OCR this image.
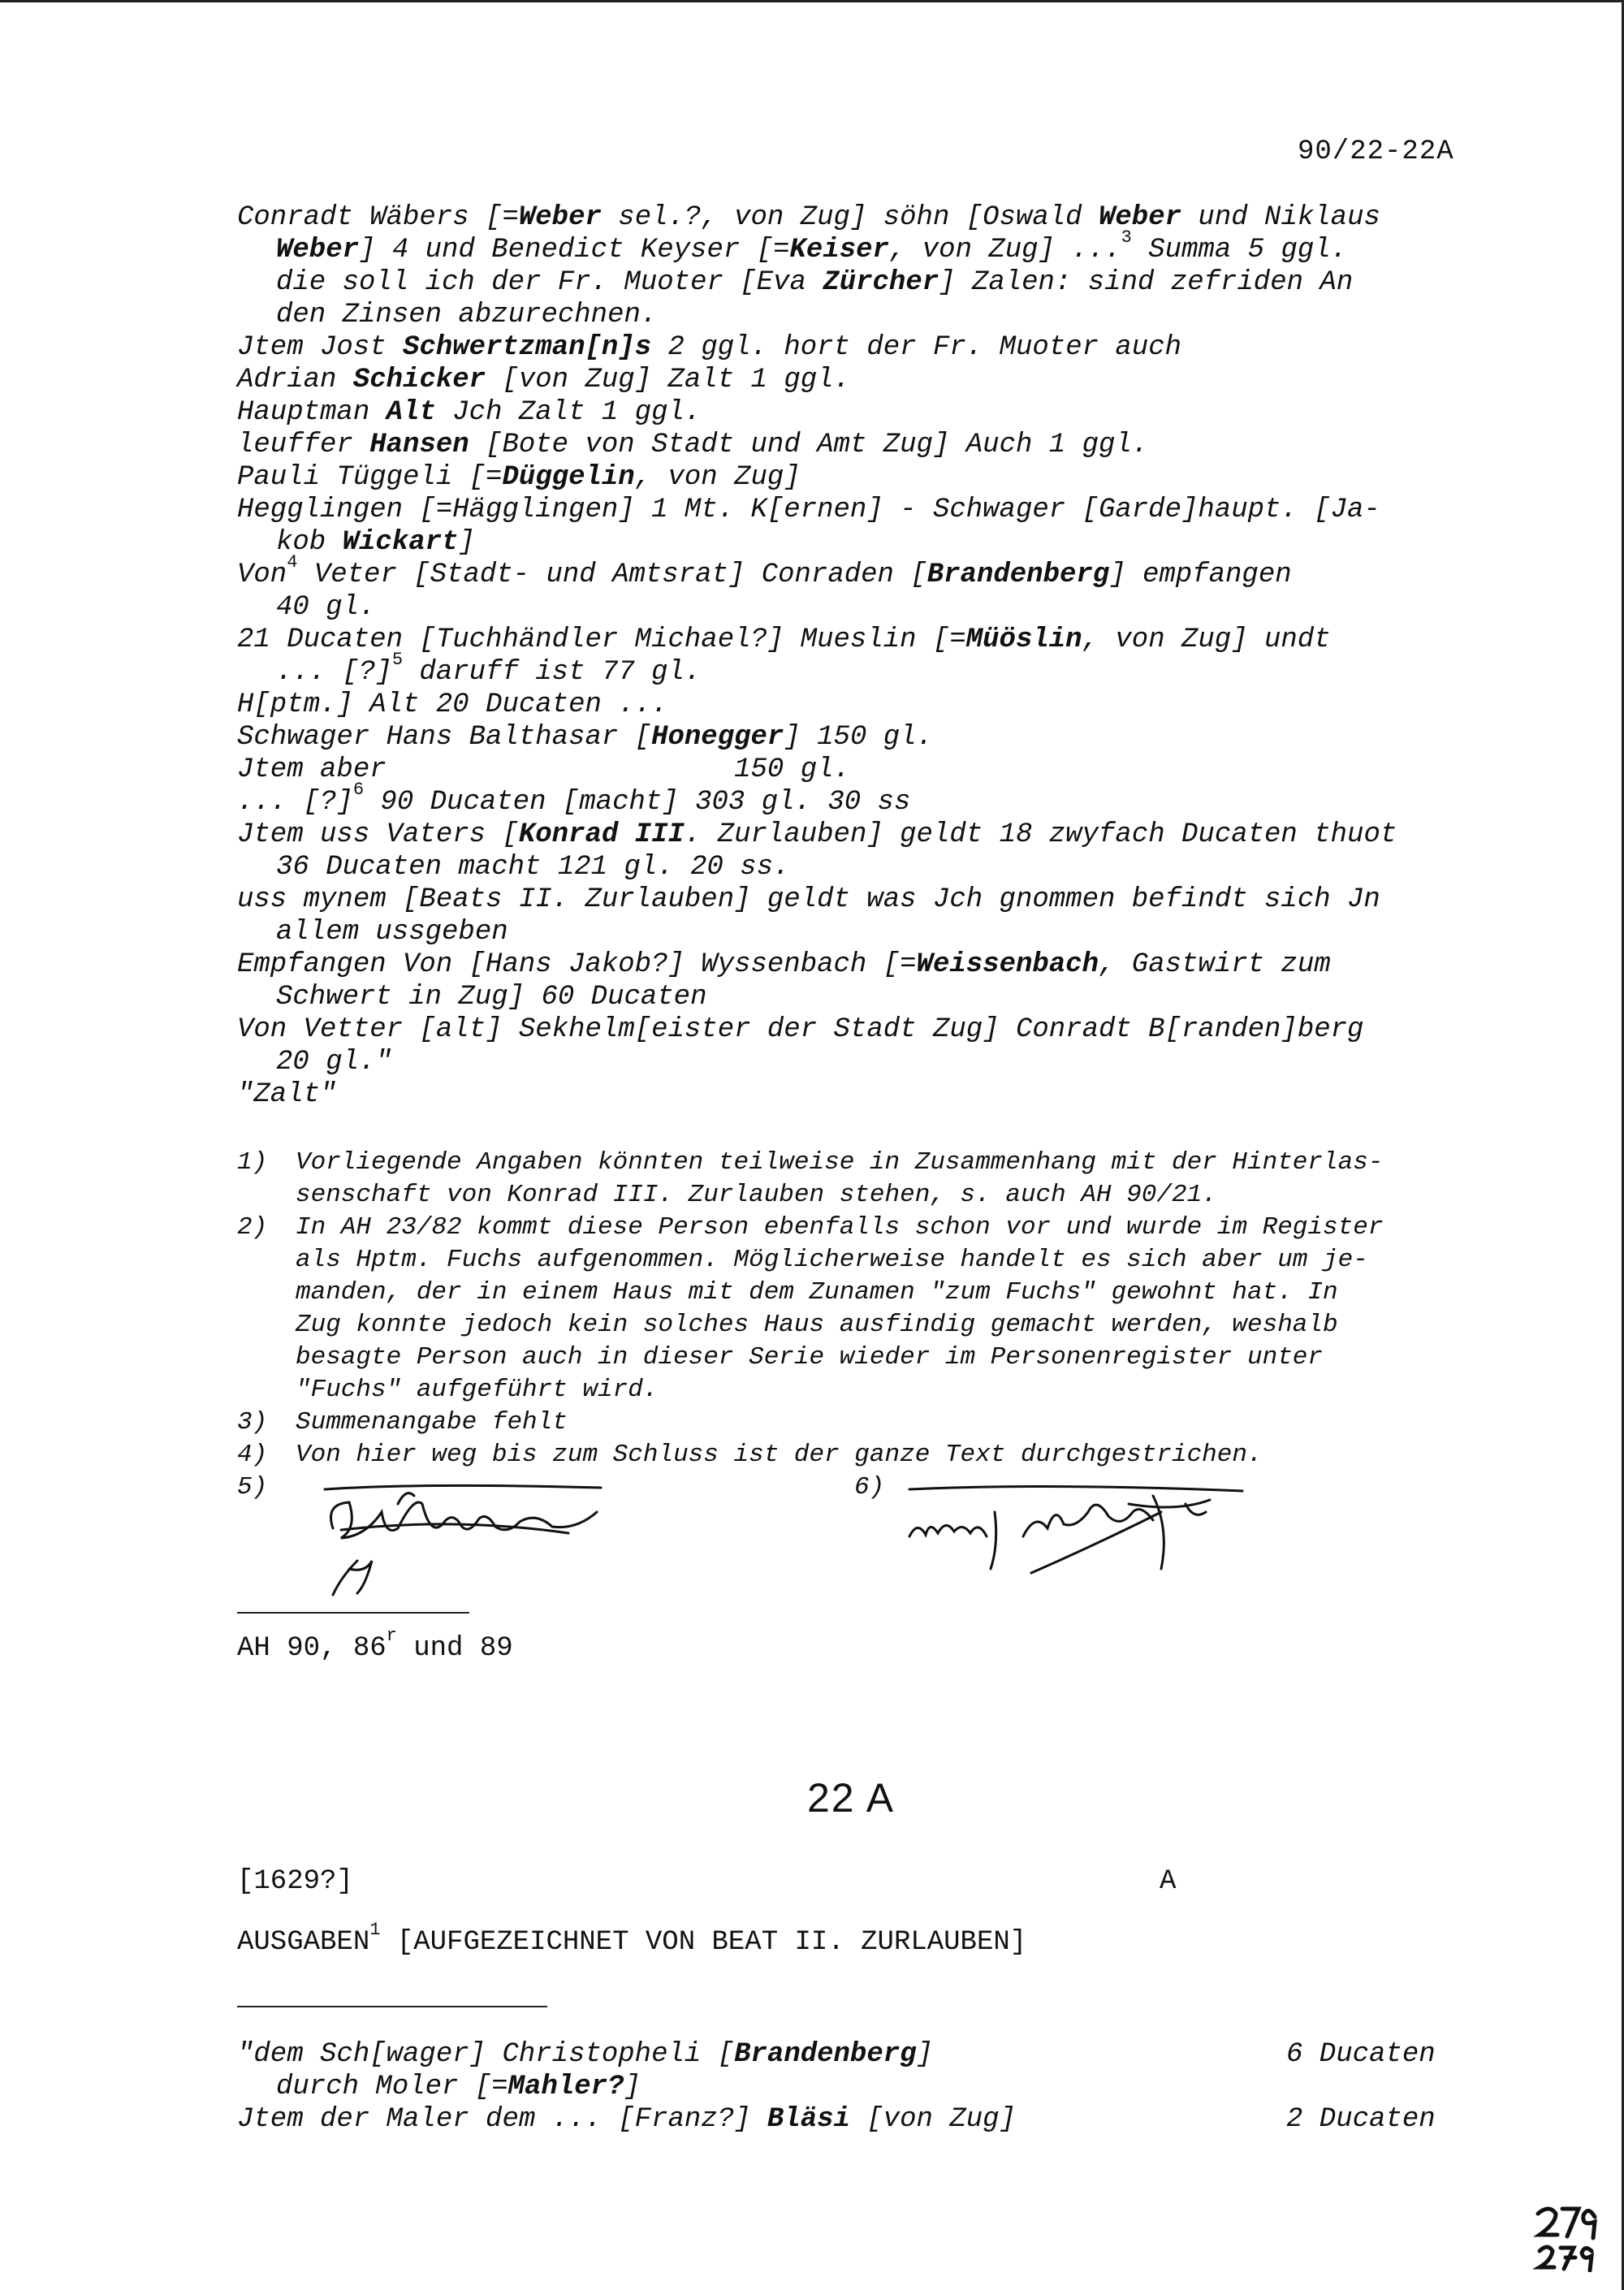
90/22-22A
Conradt Wäbers [=Weber sel.?, von Zug] söhn [Oswald Weber und Niklaus
Weber] 4 und Benedict Keyser [=Keiser, von Zug] ...$^3$ Summa 5 ggl.
die soll ich der Fr. Muoter [Eva Zürcher] Zalen: sind zefriden An
den Zinsen abzurechnen.
Jtem Jost Schwertzman[n]s 2 ggl. hort der Fr. Muoter auch
Adrian Schicker [von Zug] Zalt 1 ggl.
Hauptman Alt Jch Zalt 1 ggl.
leuffer Hansen [Bote von Stadt und Amt Zug] Auch 1 ggl.
Pauli Tüggeli [=Düggelin, von Zug]
Hegglingen [=Hägglingen] 1 Mt. K[ernen] - Schwager [Garde]haupt. [Ja-
kob Wickart]
Von$^4$ Veter [Stadt- und Amtsrat] Conraden [Brandenberg] empfangen
40 gl.
21 Ducaten [Tuchhändler Michael?] Mueslin [=Müöslin, von Zug] undt
... [?]$^5$ daruff ist 77 gl.
H[ptm.] Alt 20 Ducaten ...
Schwager Hans Balthasar [Honegger] 150 gl.
Jtem aber                     150 gl.
... [?]$^6$ 90 Ducaten [macht] 303 gl. 30 ss
Jtem uss Vaters [Konrad III. Zurlauben] geldt 18 zwyfach Ducaten thuot
36 Ducaten macht 121 gl. 20 ss.
uss mynem [Beats II. Zurlauben] geldt was Jch gnommen befindt sich Jn
allem ussgeben
Empfangen Von [Hans Jakob?] Wyssenbach [=Weissenbach, Gastwirt zum
Schwert in Zug] 60 Ducaten
Von Vetter [alt] Sekhelm[eister der Stadt Zug] Conradt B[randen]berg
20 gl."
"Zalt"
1)	Vorliegende Angaben könnten teilweise in Zusammenhang mit der Hinterlas-
senschaft von Konrad III. Zurlauben stehen, s. auch AH 90/21.
2)	In AH 23/82 kommt diese Person ebenfalls schon vor und wurde im Register
als Hptm. Fuchs aufgenommen. Möglicherweise handelt es sich aber um je-
manden, der in einem Haus mit dem Zunamen "zum Fuchs" gewohnt hat. In
Zug konnte jedoch kein solches Haus ausfindig gemacht werden, weshalb
besagte Person auch in dieser Serie wieder im Personenregister unter
"Fuchs" aufgeführt wird.
3)	Summenangabe fehlt
4)	Von hier weg bis zum Schluss ist der ganze Text durchgestrichen.
5)	6)
AH 90, 86$^r$ und 89
22 A
[1629?]	A
AUSGABEN$^1$ [AUFGEZEICHNET VON BEAT II. ZURLAUBEN]
"dem Sch[wager] Christopheli [Brandenberg]	6 Ducaten
durch Moler [=Mahler?]
Jtem der Maler dem ... [Franz?] Bläsi [von Zug]	2 Ducaten
